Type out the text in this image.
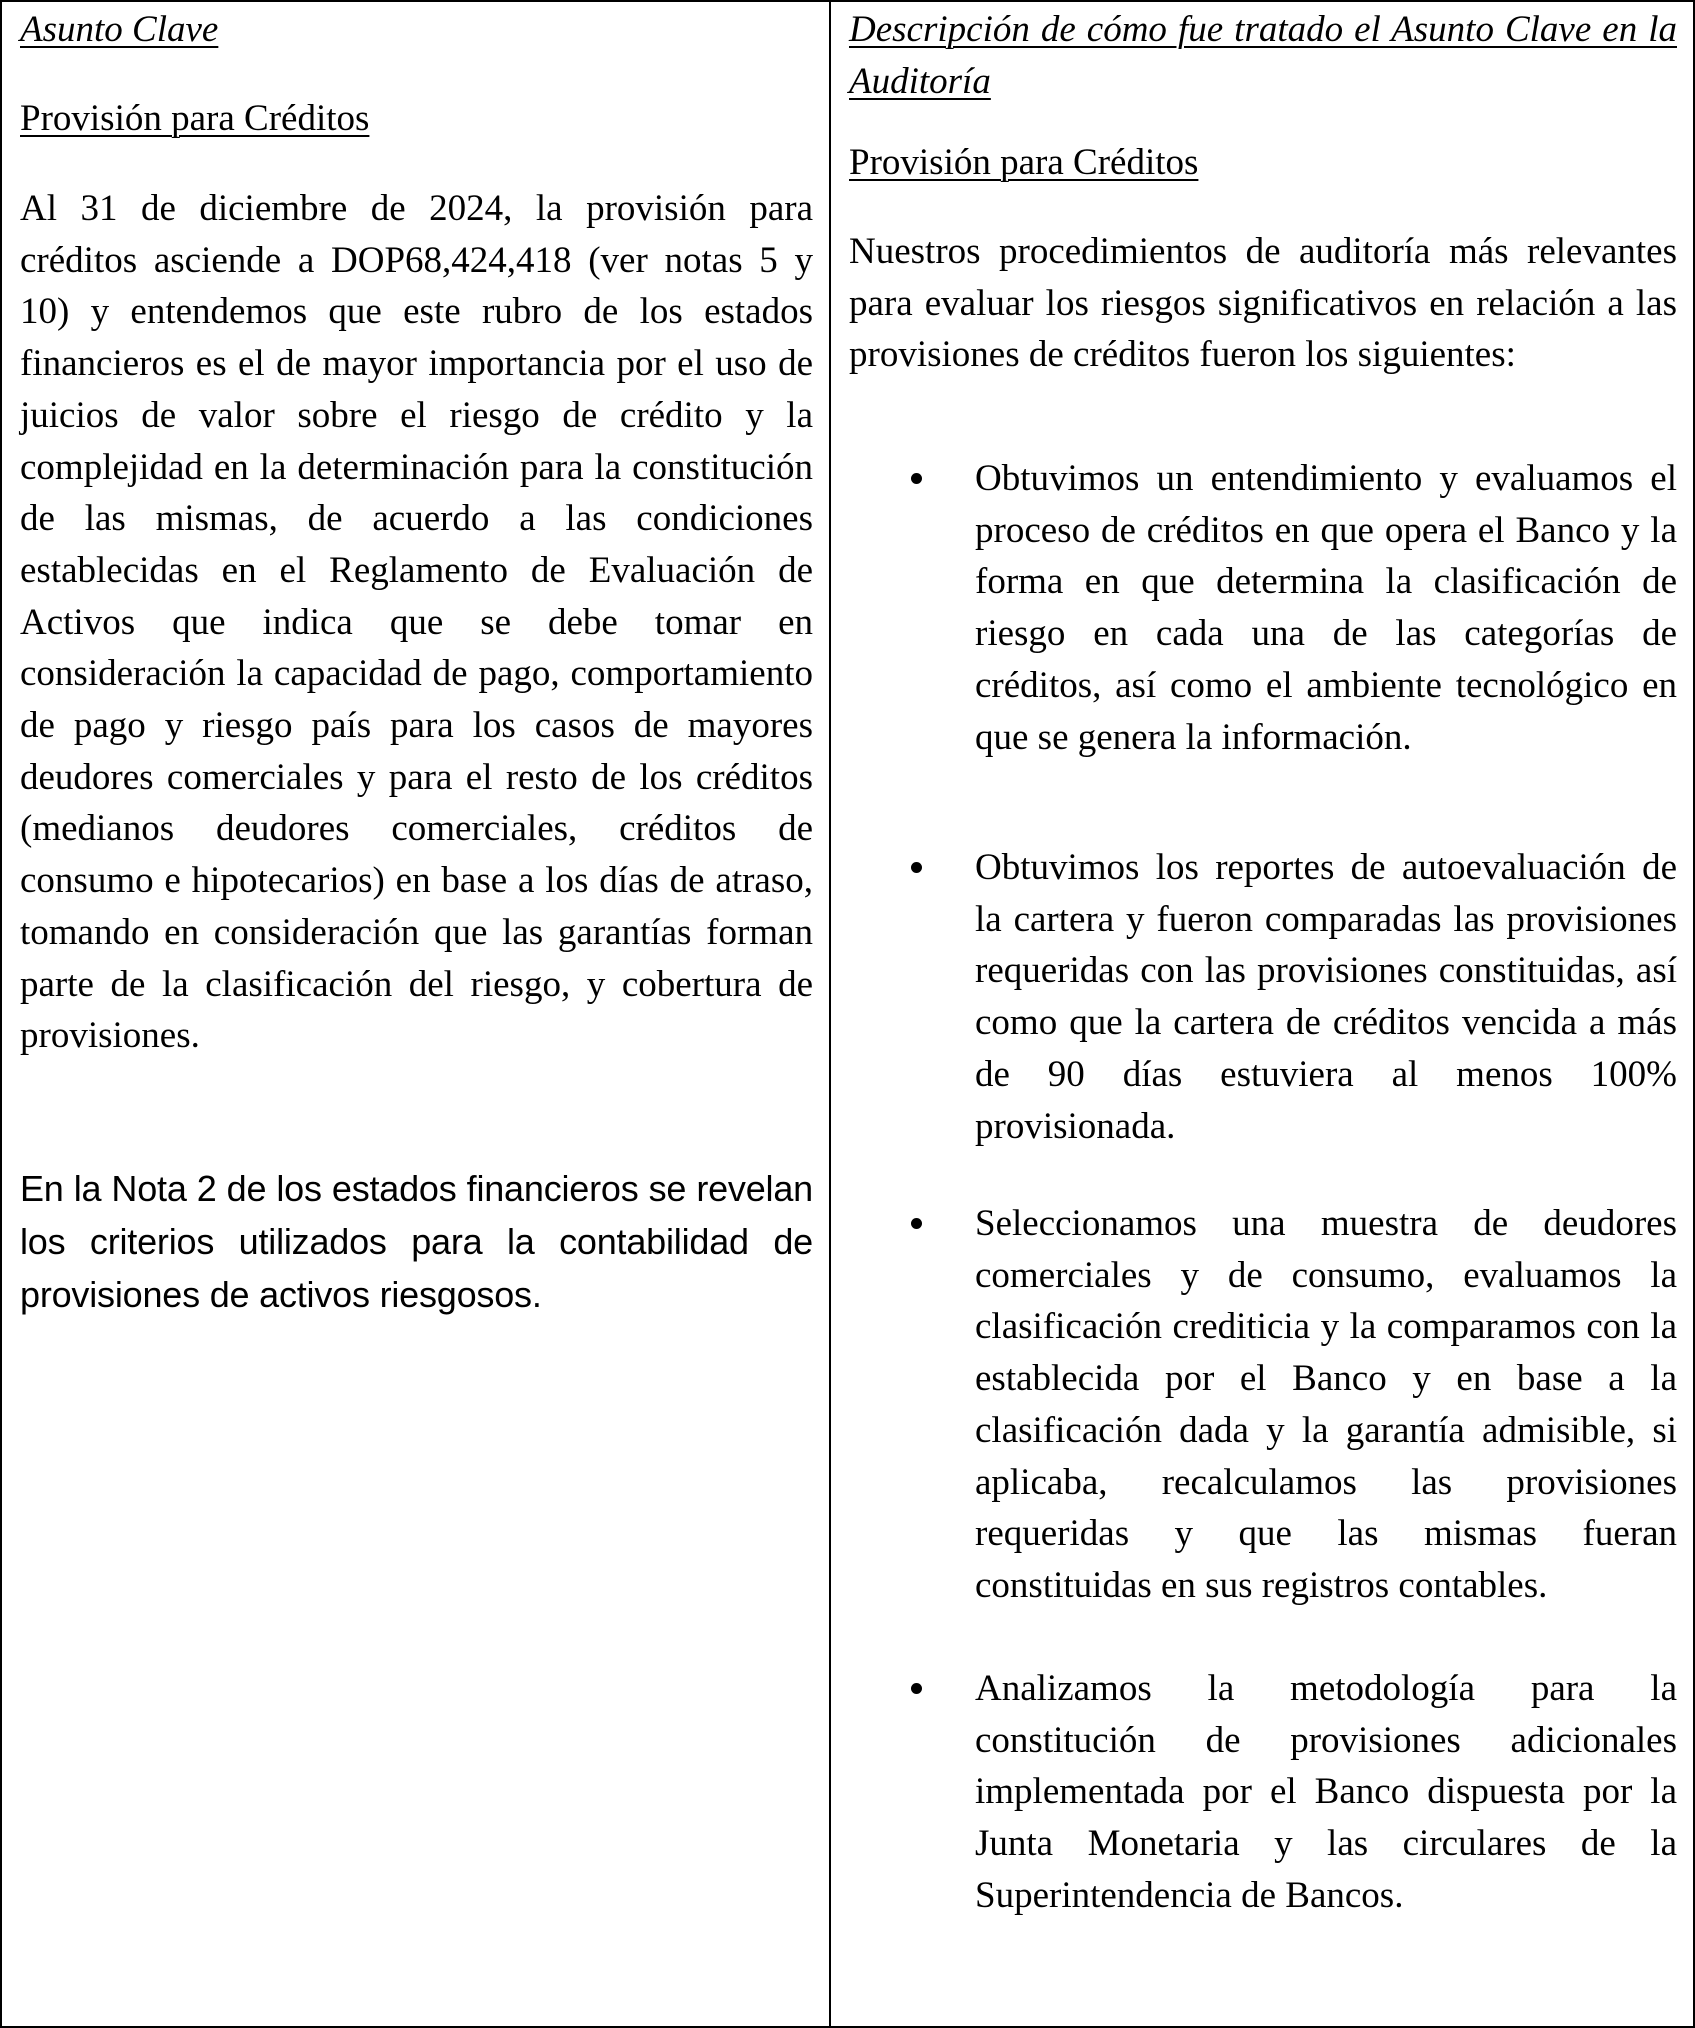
Asunto Clave

Provisión para Créditos

Al 31 de diciembre de 2024, la provisión para créditos asciende a DOP68,424,418 (ver notas 5 y 10) y entendemos que este rubro de los estados financieros es el de mayor importancia por el uso de juicios de valor sobre el riesgo de crédito y la complejidad en la determinación para la constitución de las mismas, de acuerdo a las condiciones establecidas en el Reglamento de Evaluación de Activos que indica que se debe tomar en consideración la capacidad de pago, comportamiento de pago y riesgo país para los casos de mayores deudores comerciales y para el resto de los créditos (medianos deudores comerciales, créditos de consumo e hipotecarios) en base a los días de atraso, tomando en consideración que las garantías forman parte de la clasificación del riesgo, y cobertura de provisiones.

En la Nota 2 de los estados financieros se revelan los criterios utilizados para la contabilidad de provisiones de activos riesgosos.

Descripción de cómo fue tratado el Asunto Clave en la Auditoría

Provisión para Créditos

Nuestros procedimientos de auditoría más relevantes para evaluar los riesgos significativos en relación a las provisiones de créditos fueron los siguientes:

Obtuvimos un entendimiento y evaluamos el proceso de créditos en que opera el Banco y la forma en que determina la clasificación de riesgo en cada una de las categorías de créditos, así como el ambiente tecnológico en que se genera la información.

Obtuvimos los reportes de autoevaluación de la cartera y fueron comparadas las provisiones requeridas con las provisiones constituidas, así como que la cartera de créditos vencida a más de 90 días estuviera al menos 100% provisionada.

Seleccionamos una muestra de deudores comerciales y de consumo, evaluamos la clasificación crediticia y la comparamos con la establecida por el Banco y en base a la clasificación dada y la garantía admisible, si aplicaba, recalculamos las provisiones requeridas y que las mismas fueran constituidas en sus registros contables.

Analizamos la metodología para la constitución de provisiones adicionales implementada por el Banco dispuesta por la Junta Monetaria y las circulares de la Superintendencia de Bancos.
